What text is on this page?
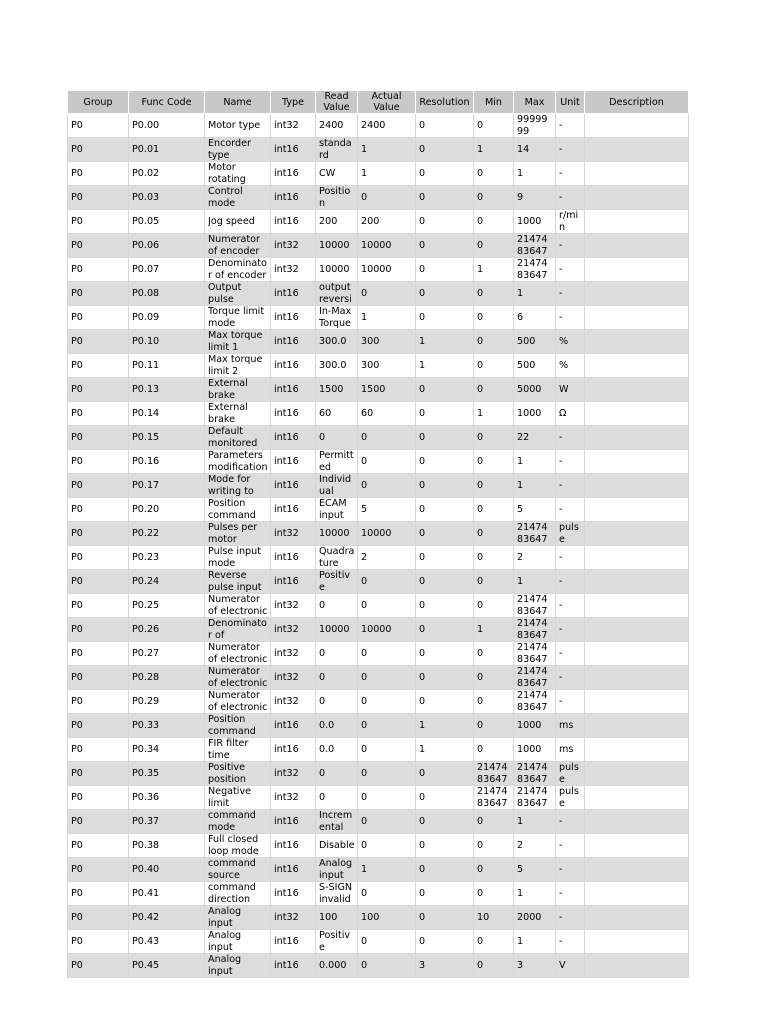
Group	Func Code	Name	Type	Read Value	Actual Value	Resolution	Min	Max	Unit	Description

P0	P0.00	Motor type	int32	2400	2400	0	0	9999999	-	

P0	P0.01	Encorder type	int16	standard	1	0	1	14	-	

P0	P0.02	Motor rotating	int16	CW	1	0	0	1	-	

P0	P0.03	Control mode	int16	Position	0	0	0	9	-	

P0	P0.05	Jog speed	int16	200	200	0	0	1000	r/min	

P0	P0.06	Numerator of encoder	int32	10000	10000	0	0	2147483647	-	

P0	P0.07	Denominator of encoder	int32	10000	10000	0	1	2147483647	-	

P0	P0.08	Output pulse	int16	output reversi	0	0	0	1	-	

P0	P0.09	Torque limit mode	int16	In-Max Torque	1	0	0	6	-	

P0	P0.10	Max torque limit 1	int16	300.0	300	1	0	500	%	

P0	P0.11	Max torque limit 2	int16	300.0	300	1	0	500	%	

P0	P0.13	External brake	int16	1500	1500	0	0	5000	W	

P0	P0.14	External brake	int16	60	60	0	1	1000	Ω	

P0	P0.15	Default monitored	int16	0	0	0	0	22	-	

P0	P0.16	Parameters modification	int16	Permitted	0	0	0	1	-	

P0	P0.17	Mode for writing to	int16	Individual	0	0	0	1	-	

P0	P0.20	Position command	int16	ECAM input	5	0	0	5	-	

P0	P0.22	Pulses per motor	int32	10000	10000	0	0	2147483647	pulse	

P0	P0.23	Pulse input mode	int16	Quadrature	2	0	0	2	-	

P0	P0.24	Reverse pulse input	int16	Positive	0	0	0	1	-	

P0	P0.25	Numerator of electronic	int32	0	0	0	0	2147483647	-	

P0	P0.26	Denominator of	int32	10000	10000	0	1	2147483647	-	

P0	P0.27	Numerator of electronic	int32	0	0	0	0	2147483647	-	

P0	P0.28	Numerator of electronic	int32	0	0	0	0	2147483647	-	

P0	P0.29	Numerator of electronic	int32	0	0	0	0	2147483647	-	

P0	P0.33	Position command	int16	0.0	0	1	0	1000	ms	

P0	P0.34	FIR filter time	int16	0.0	0	1	0	1000	ms	

P0	P0.35	Positive position	int32	0	0	0	2147483647	2147483647	pulse	

P0	P0.36	Negative limit	int32	0	0	0	2147483647	2147483647	pulse	

P0	P0.37	command mode	int16	Incremental	0	0	0	1	-	

P0	P0.38	Full closed loop mode	int16	Disable	0	0	0	2	-	

P0	P0.40	command source	int16	Analog input	1	0	0	5	-	

P0	P0.41	command direction	int16	S-SIGN invalid	0	0	0	1	-	

P0	P0.42	Analog input	int32	100	100	0	10	2000	-	

P0	P0.43	Analog input	int16	Positive	0	0	0	1	-	

P0	P0.45	Analog input	int16	0.000	0	3	0	3	V	
